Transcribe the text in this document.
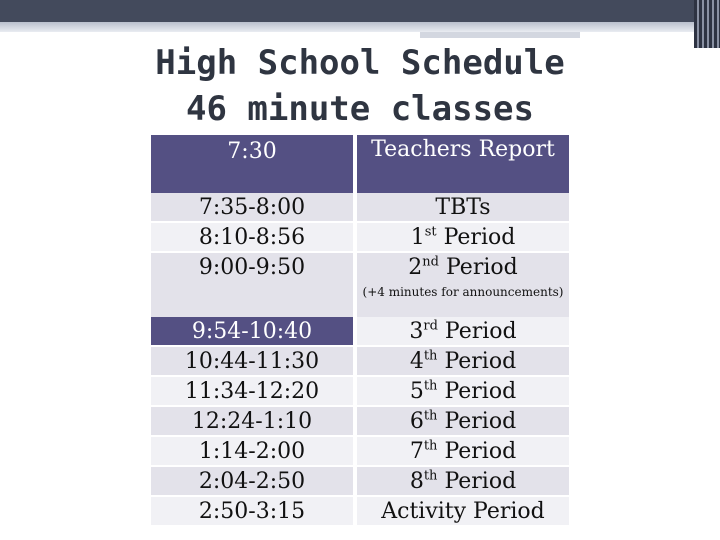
High School Schedule
46 minute classes
7:30	Teachers Report
7:35-8:00	TBTs
8:10-8:56	1st Period
9:00-9:50	2nd Period
(+4 minutes for announcements)
9:54-10:40	3rd Period
10:44-11:30	4th Period
11:34-12:20	5th Period
12:24-1:10	6th Period
1:14-2:00	7th Period
2:04-2:50	8th Period
2:50-3:15	Activity Period
